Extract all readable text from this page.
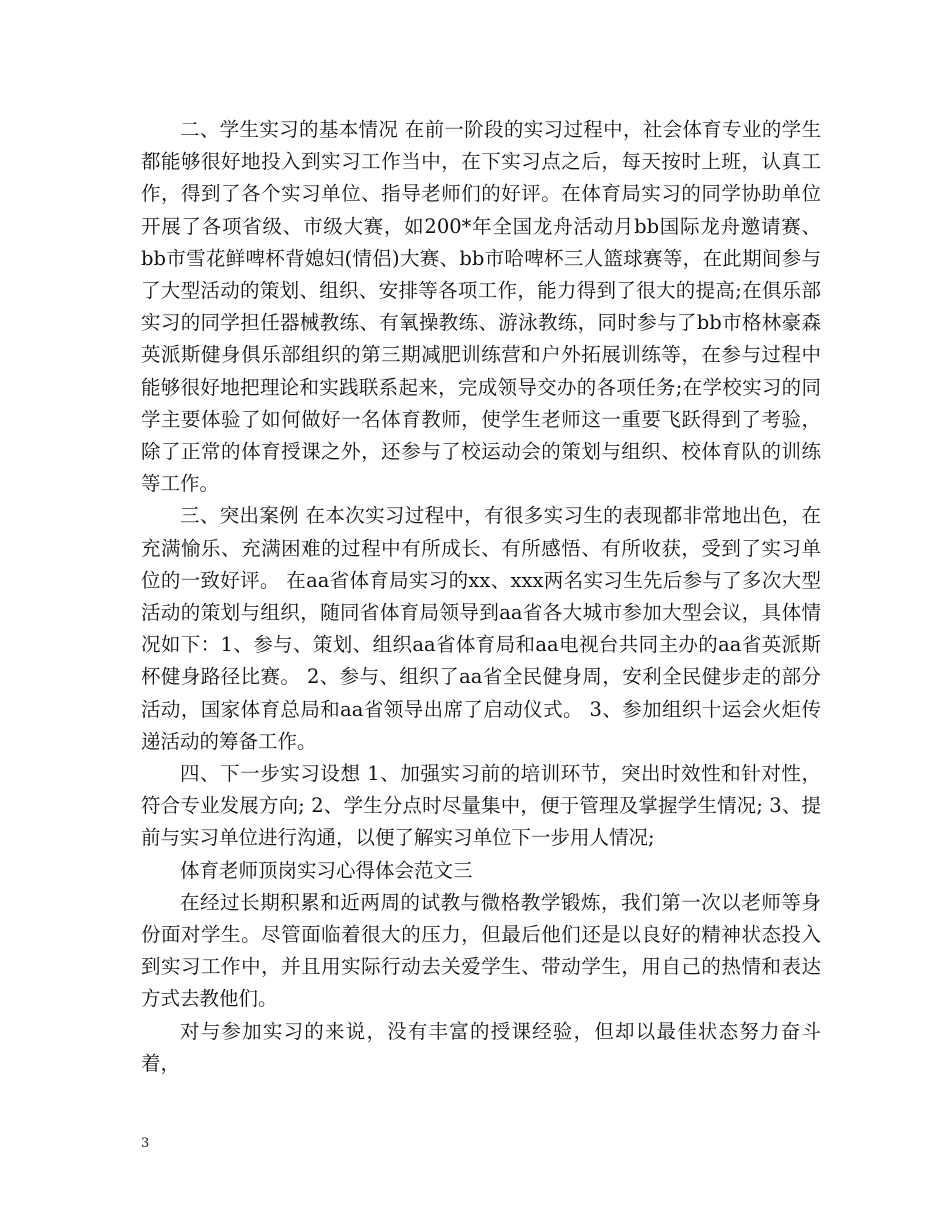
二、学生实习的基本情况 在前一阶段的实习过程中，社会体育专业的学生都能够很好地投入到实习工作当中，在下实习点之后，每天按时上班，认真工作，得到了各个实习单位、指导老师们的好评。在体育局实习的同学协助单位开展了各项省级、市级大赛，如200*年全国龙舟活动月bb国际龙舟邀请赛、bb市雪花鲜啤杯背媳妇(情侣)大赛、bb市哈啤杯三人篮球赛等，在此期间参与了大型活动的策划、组织、安排等各项工作，能力得到了很大的提高;在俱乐部实习的同学担任器械教练、有氧操教练、游泳教练，同时参与了bb市格林豪森英派斯健身俱乐部组织的第三期减肥训练营和户外拓展训练等，在参与过程中能够很好地把理论和实践联系起来，完成领导交办的各项任务;在学校实习的同学主要体验了如何做好一名体育教师，使学生老师这一重要飞跃得到了考验，除了正常的体育授课之外，还参与了校运动会的策划与组织、校体育队的训练等工作。

三、突出案例 在本次实习过程中，有很多实习生的表现都非常地出色，在充满愉乐、充满困难的过程中有所成长、有所感悟、有所收获，受到了实习单位的一致好评。 在aa省体育局实习的xx、xxx两名实习生先后参与了多次大型活动的策划与组织，随同省体育局领导到aa省各大城市参加大型会议，具体情况如下：1、参与、策划、组织aa省体育局和aa电视台共同主办的aa省英派斯杯健身路径比赛。 2、参与、组织了aa省全民健身周，安利全民健步走的部分活动，国家体育总局和aa省领导出席了启动仪式。 3、参加组织十运会火炬传递活动的筹备工作。

四、下一步实习设想 1、加强实习前的培训环节，突出时效性和针对性，符合专业发展方向; 2、学生分点时尽量集中，便于管理及掌握学生情况; 3、提前与实习单位进行沟通，以便了解实习单位下一步用人情况;

体育老师顶岗实习心得体会范文三

在经过长期积累和近两周的试教与微格教学锻炼，我们第一次以老师等身份面对学生。尽管面临着很大的压力，但最后他们还是以良好的精神状态投入到实习工作中，并且用实际行动去关爱学生、带动学生，用自己的热情和表达方式去教他们。

对与参加实习的来说，没有丰富的授课经验，但却以最佳状态努力奋斗着，

3
